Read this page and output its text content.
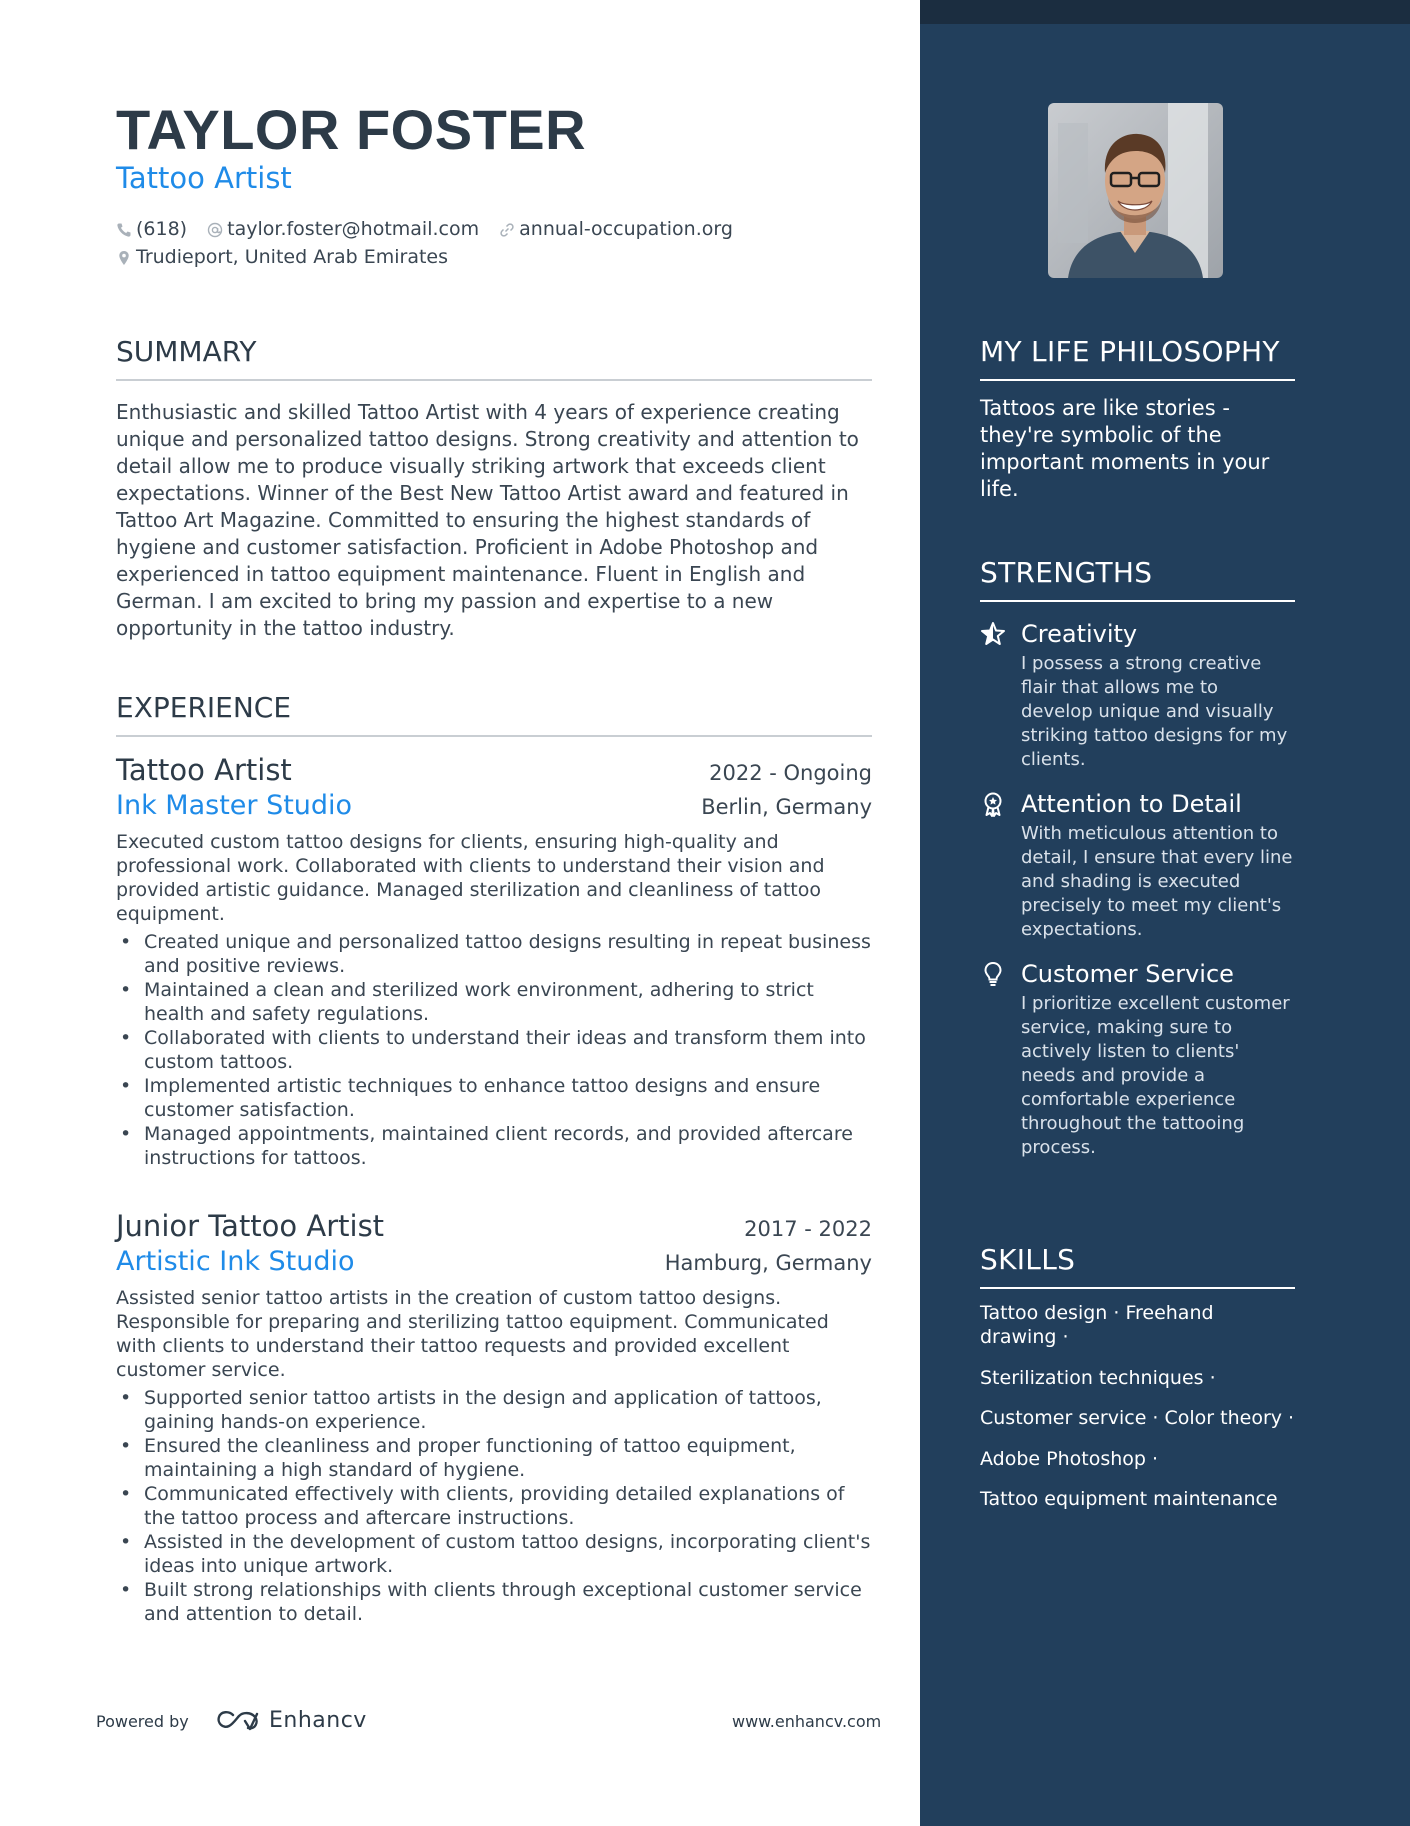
TAYLOR FOSTER
Tattoo Artist
(618) taylor.foster@hotmail.com annual-occupation.org
Trudieport, United Arab Emirates
SUMMARY
Enthusiastic and skilled Tattoo Artist with 4 years of experience creating unique and personalized tattoo designs. Strong creativity and attention to detail allow me to produce visually striking artwork that exceeds client expectations. Winner of the Best New Tattoo Artist award and featured in Tattoo Art Magazine. Committed to ensuring the highest standards of hygiene and customer satisfaction. Proficient in Adobe Photoshop and experienced in tattoo equipment maintenance. Fluent in English and German. I am excited to bring my passion and expertise to a new opportunity in the tattoo industry.
EXPERIENCE
Tattoo Artist	2022 - Ongoing
Ink Master Studio	Berlin, Germany
Executed custom tattoo designs for clients, ensuring high-quality and professional work. Collaborated with clients to understand their vision and provided artistic guidance. Managed sterilization and cleanliness of tattoo equipment.
• Created unique and personalized tattoo designs resulting in repeat business and positive reviews.
• Maintained a clean and sterilized work environment, adhering to strict health and safety regulations.
• Collaborated with clients to understand their ideas and transform them into custom tattoos.
• Implemented artistic techniques to enhance tattoo designs and ensure customer satisfaction.
• Managed appointments, maintained client records, and provided aftercare instructions for tattoos.
Junior Tattoo Artist	2017 - 2022
Artistic Ink Studio	Hamburg, Germany
Assisted senior tattoo artists in the creation of custom tattoo designs. Responsible for preparing and sterilizing tattoo equipment. Communicated with clients to understand their tattoo requests and provided excellent customer service.
• Supported senior tattoo artists in the design and application of tattoos, gaining hands-on experience.
• Ensured the cleanliness and proper functioning of tattoo equipment, maintaining a high standard of hygiene.
• Communicated effectively with clients, providing detailed explanations of the tattoo process and aftercare instructions.
• Assisted in the development of custom tattoo designs, incorporating client's ideas into unique artwork.
• Built strong relationships with clients through exceptional customer service and attention to detail.
Powered by	Enhancv	www.enhancv.com
MY LIFE PHILOSOPHY
Tattoos are like stories - they're symbolic of the important moments in your life.
STRENGTHS
Creativity
I possess a strong creative flair that allows me to develop unique and visually striking tattoo designs for my clients.
Attention to Detail
With meticulous attention to detail, I ensure that every line and shading is executed precisely to meet my client's expectations.
Customer Service
I prioritize excellent customer service, making sure to actively listen to clients' needs and provide a comfortable experience throughout the tattooing process.
SKILLS
Tattoo design · Freehand drawing ·
Sterilization techniques ·
Customer service · Color theory ·
Adobe Photoshop ·
Tattoo equipment maintenance
